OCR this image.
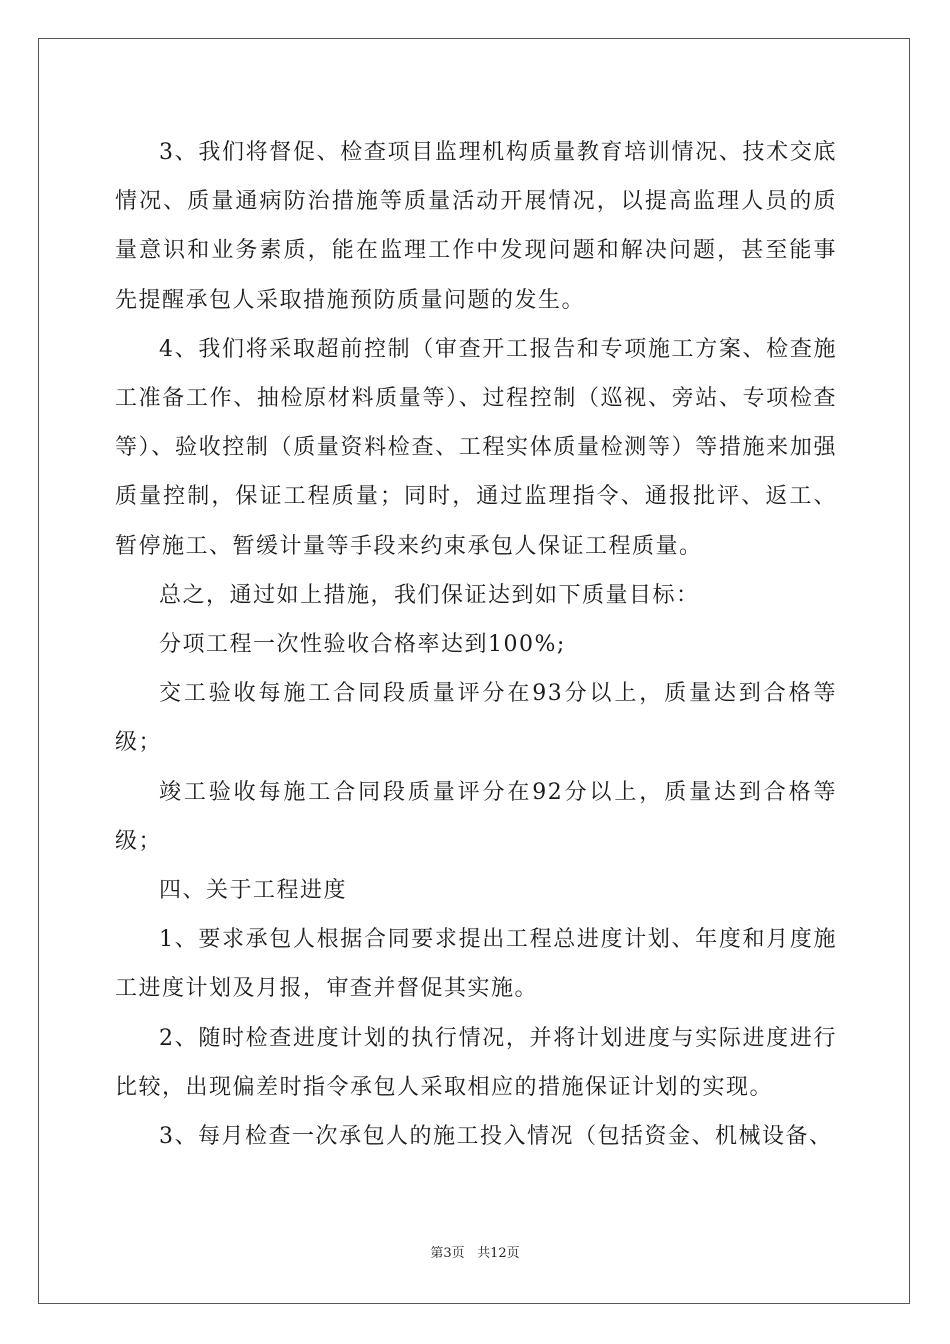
3、我们将督促、检查项目监理机构质量教育培训情况、技术交底情况、质量通病防治措施等质量活动开展情况，以提高监理人员的质量意识和业务素质，能在监理工作中发现问题和解决问题，甚至能事先提醒承包人采取措施预防质量问题的发生。

4、我们将采取超前控制（审查开工报告和专项施工方案、检查施工准备工作、抽检原材料质量等）、过程控制（巡视、旁站、专项检查等）、验收控制（质量资料检查、工程实体质量检测等）等措施来加强质量控制，保证工程质量；同时，通过监理指令、通报批评、返工、暂停施工、暂缓计量等手段来约束承包人保证工程质量。

总之，通过如上措施，我们保证达到如下质量目标：

分项工程一次性验收合格率达到100%;

交工验收每施工合同段质量评分在93分以上，质量达到合格等级；

竣工验收每施工合同段质量评分在92分以上，质量达到合格等级；

四、关于工程进度

1、要求承包人根据合同要求提出工程总进度计划、年度和月度施工进度计划及月报，审查并督促其实施。

2、随时检查进度计划的执行情况，并将计划进度与实际进度进行比较，出现偏差时指令承包人采取相应的措施保证计划的实现。

3、每月检查一次承包人的施工投入情况（包括资金、机械设备、

第3页 共12页
